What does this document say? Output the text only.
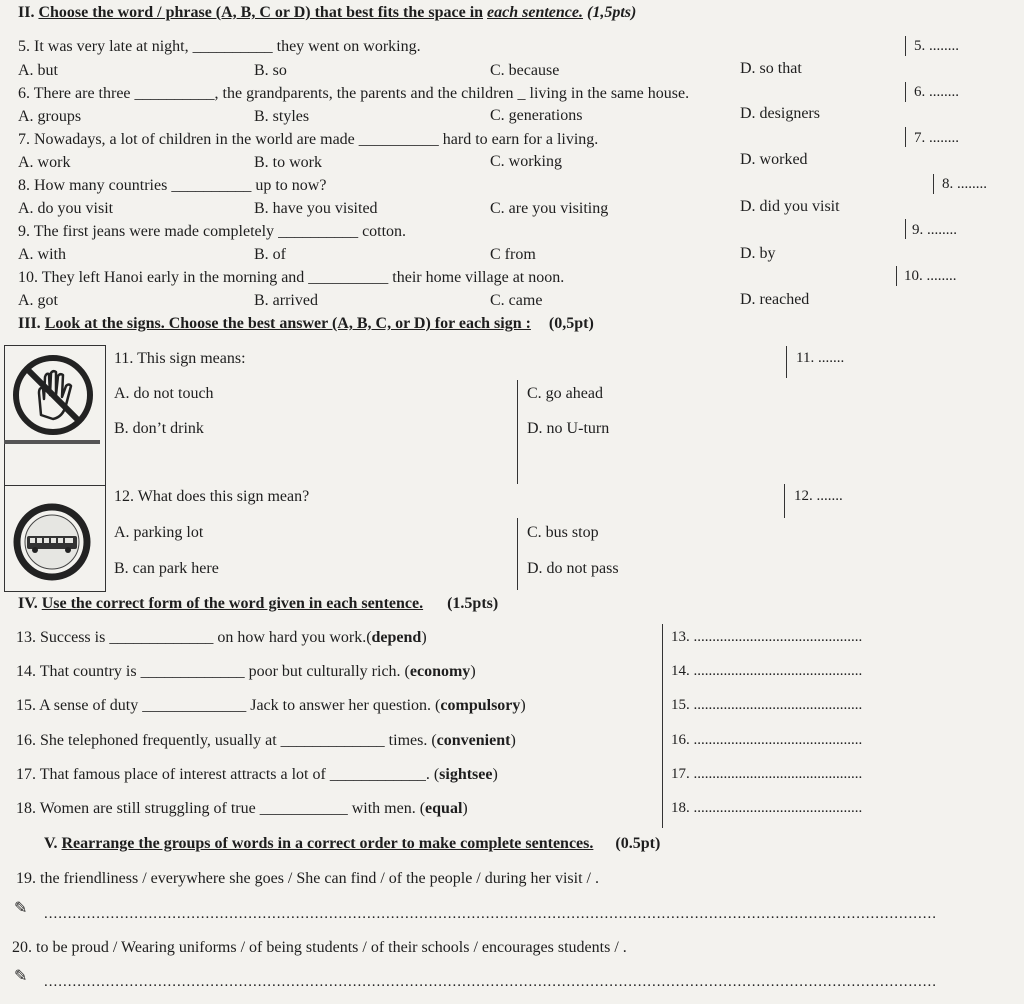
II. Choose the word / phrase (A, B, C or D) that best fits the space in each sentence. (1,5pts)
5. It was very late at night, __________ they went on working.	5. ........
A. but	B. so	C. because	D. so that
6. There are three __________, the grandparents, the parents and the children _ living in the same house.	6. ........
A. groups	B. styles	C. generations	D. designers
7. Nowadays, a lot of children in the world are made __________ hard to earn for a living.	7. ........
A. work	B. to work	C. working	D. worked
8. How many countries __________ up to now?	8. ........
A. do you visit	B. have you visited	C. are you visiting	D. did you visit
9. The first jeans were made completely __________ cotton.	9. ........
A. with	B. of	C from	D. by
10. They left Hanoi early in the morning and __________ their home village at noon.	10. ........
A. got	B. arrived	C. came	D. reached
III. Look at the signs. Choose the best answer (A, B, C, or D) for each sign : (0,5pt)
11. This sign means:	11. .......
A. do not touch
B. don’t drink
C. go ahead
D. no U-turn
12. What does this sign mean?	12. .......
A. parking lot
B. can park here
C. bus stop
D. do not pass
IV. Use the correct form of the word given in each sentence. (1.5pts)
13. Success is _____________ on how hard you work.(depend)	13. .............................................
14. That country is _____________ poor but culturally rich. (economy)	14. .............................................
15. A sense of duty _____________ Jack to answer her question. (compulsory)	15. .............................................
16. She telephoned frequently, usually at _____________ times. (convenient)	16. .............................................
17. That famous place of interest attracts a lot of ____________. (sightsee)	17. .............................................
18. Women are still struggling of true ___________ with men. (equal)	18. .............................................
V. Rearrange the groups of words in a correct order to make complete sentences. (0.5pt)
19. the friendliness / everywhere she goes / She can find / of the people / during her visit / .
✎ ............................................................................................................................................................................................
20. to be proud / Wearing uniforms / of being students / of their schools / encourages students / .
✎ ............................................................................................................................................................................................
